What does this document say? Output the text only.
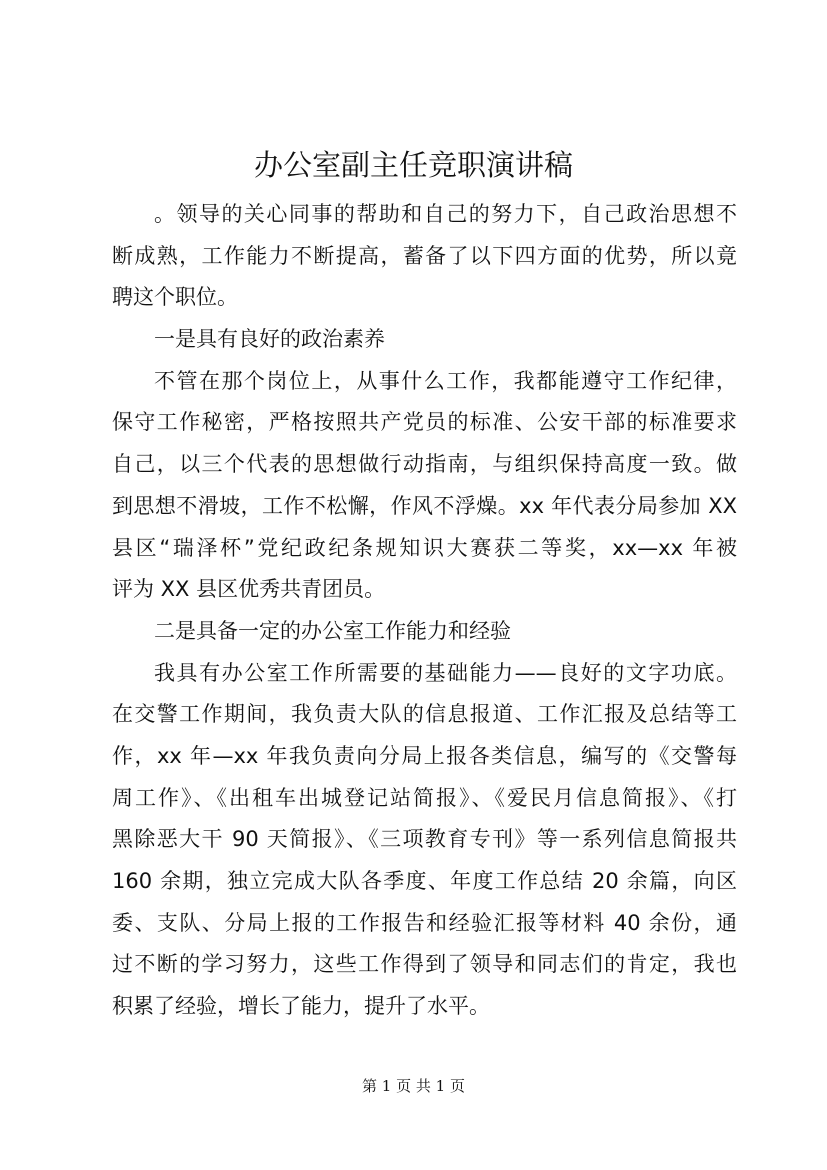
办公室副主任竞职演讲稿
。领导的关心同事的帮助和自己的努力下，自己政治思想不
断成熟，工作能力不断提高，蓄备了以下四方面的优势，所以竟
聘这个职位。
一是具有良好的政治素养
不管在那个岗位上，从事什么工作，我都能遵守工作纪律，
保守工作秘密，严格按照共产党员的标准、公安干部的标准要求
自己，以三个代表的思想做行动指南，与组织保持高度一致。做
到思想不滑坡，工作不松懈，作风不浮燥。xx 年代表分局参加 XX
县区“瑞泽杯”党纪政纪条规知识大赛获二等奖，xx—xx 年被
评为 XX 县区优秀共青团员。
二是具备一定的办公室工作能力和经验
我具有办公室工作所需要的基础能力——良好的文字功底。
在交警工作期间，我负责大队的信息报道、工作汇报及总结等工
作，xx 年—xx 年我负责向分局上报各类信息，编写的《交警每
周工作》、《出租车出城登记站简报》、《爱民月信息简报》、《打
黑除恶大干 90 天简报》、《三项教育专刊》等一系列信息简报共
160 余期，独立完成大队各季度、年度工作总结 20 余篇，向区
委、支队、分局上报的工作报告和经验汇报等材料 40 余份，通
过不断的学习努力，这些工作得到了领导和同志们的肯定，我也
积累了经验，增长了能力，提升了水平。
第 1 页 共 1 页
